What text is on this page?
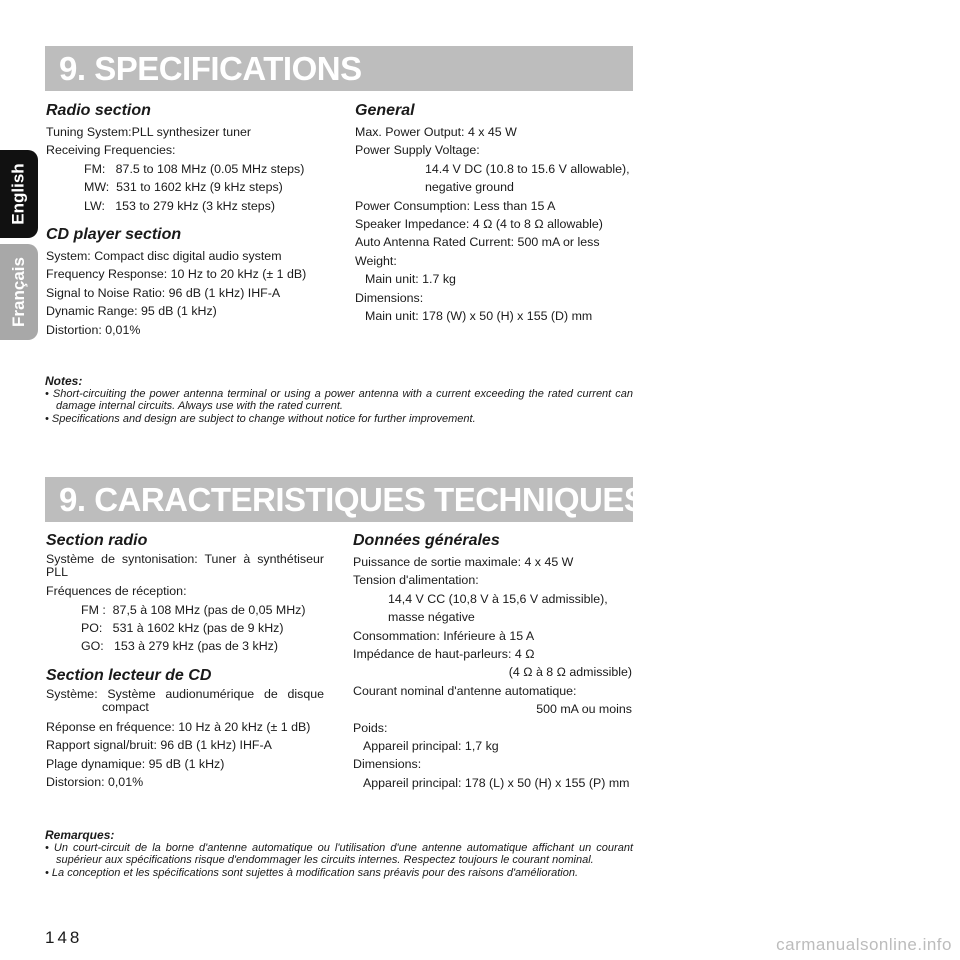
English
Français
9. SPECIFICATIONS
Radio section

Tuning System:PLL synthesizer tuner

Receiving Frequencies:

FM:   87.5 to 108 MHz (0.05 MHz steps)

MW:  531 to 1602 kHz (9 kHz steps)

LW:   153 to 279 kHz (3 kHz steps)

CD player section

System: Compact disc digital audio system

Frequency Response: 10 Hz to 20 kHz (± 1 dB)

Signal to Noise Ratio: 96 dB (1 kHz) IHF-A

Dynamic Range: 95 dB (1 kHz)

Distortion: 0,01%

General

Max. Power Output: 4 x 45 W

Power Supply Voltage:

14.4 V DC (10.8 to 15.6 V allowable),

negative ground

Power Consumption: Less than 15 A

Speaker Impedance: 4 Ω (4 to 8 Ω allowable)

Auto Antenna Rated Current: 500 mA or less

Weight:

Main unit: 1.7 kg

Dimensions:

Main unit: 178 (W) x 50 (H) x 155 (D) mm

Notes:
• Short-circuiting the power antenna terminal or using a power antenna with a current exceeding the rated current can damage internal circuits. Always use with the rated current.
• Specifications and design are subject to change without notice for further improvement.
9. CARACTERISTIQUES TECHNIQUES
Section radio

Système de syntonisation: Tuner à synthétiseur PLL

Fréquences de réception:

FM :  87,5 à 108 MHz (pas de 0,05 MHz)

PO:   531 à 1602 kHz (pas de 9 kHz)

GO:   153 à 279 kHz (pas de 3 kHz)

Section lecteur de CD

Système: Système audionumérique de disque compact

Réponse en fréquence: 10 Hz à 20 kHz (± 1 dB)

Rapport signal/bruit: 96 dB (1 kHz) IHF-A

Plage dynamique: 95 dB (1 kHz)

Distorsion: 0,01%

Données générales

Puissance de sortie maximale: 4 x 45 W

Tension d'alimentation:

14,4 V CC (10,8 V à 15,6 V admissible),

masse négative

Consommation: Inférieure à 15 A

Impédance de haut-parleurs: 4 Ω

(4 Ω à 8 Ω admissible)

Courant nominal d'antenne automatique:

500 mA ou moins

Poids:

Appareil principal: 1,7 kg

Dimensions:

Appareil principal: 178 (L) x 50 (H) x 155 (P) mm

Remarques:
• Un court-circuit de la borne d'antenne automatique ou l'utilisation d'une antenne automatique affichant un courant supérieur aux spécifications risque d'endommager les circuits internes. Respectez toujours le courant nominal.
• La conception et les spécifications sont sujettes à modification sans préavis pour des raisons d'amélioration.
148	carmanualsonline.info
